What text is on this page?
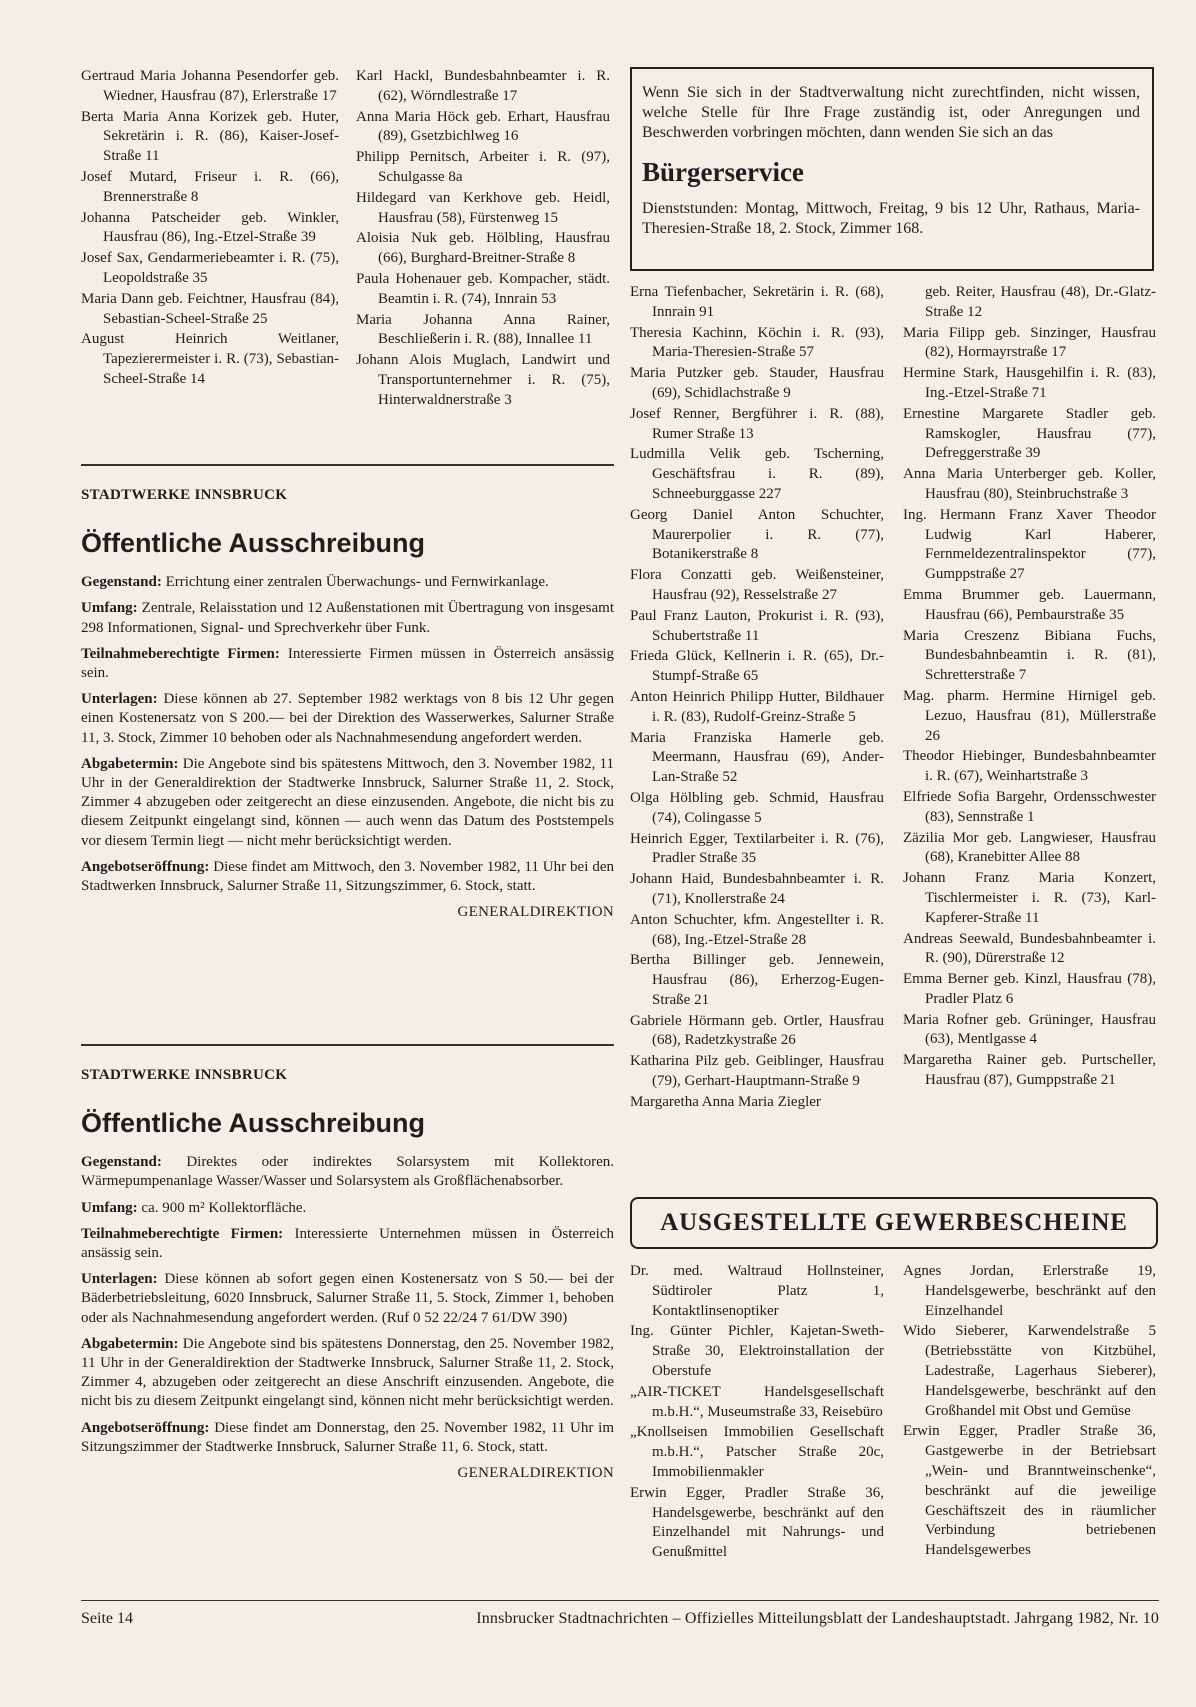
Gertraud Maria Johanna Pesendorfer geb. Wiedner, Hausfrau (87), Erlerstraße 17

Berta Maria Anna Korizek geb. Huter, Sekretärin i. R. (86), Kaiser-Josef-Straße 11

Josef Mutard, Friseur i. R. (66), Brennerstraße 8

Johanna Patscheider geb. Winkler, Hausfrau (86), Ing.-Etzel-Straße 39

Josef Sax, Gendarmeriebeamter i. R. (75), Leopoldstraße 35

Maria Dann geb. Feichtner, Hausfrau (84), Sebastian-Scheel-Straße 25

August Heinrich Weitlaner, Tapezierermeister i. R. (73), Sebastian-Scheel-Straße 14

Karl Hackl, Bundesbahnbeamter i. R. (62), Wörndlestraße 17

Anna Maria Höck geb. Erhart, Hausfrau (89), Gsetzbichlweg 16

Philipp Pernitsch, Arbeiter i. R. (97), Schulgasse 8a

Hildegard van Kerkhove geb. Heidl, Hausfrau (58), Fürstenweg 15

Aloisia Nuk geb. Hölbling, Hausfrau (66), Burghard-Breitner-Straße 8

Paula Hohenauer geb. Kompacher, städt. Beamtin i. R. (74), Innrain 53

Maria Johanna Anna Rainer, Beschließerin i. R. (88), Innallee 11

Johann Alois Muglach, Landwirt und Transportunternehmer i. R. (75), Hinterwaldnerstraße 3

Wenn Sie sich in der Stadtverwaltung nicht zurechtfinden, nicht wissen, welche Stelle für Ihre Frage zuständig ist, oder Anregungen und Beschwerden vorbringen möchten, dann wenden Sie sich an das

Bürgerservice

Dienststunden: Montag, Mittwoch, Freitag, 9 bis 12 Uhr, Rathaus, Maria-Theresien-Straße 18, 2. Stock, Zimmer 168.

Erna Tiefenbacher, Sekretärin i. R. (68), Innrain 91

Theresia Kachinn, Köchin i. R. (93), Maria-Theresien-Straße 57

Maria Putzker geb. Stauder, Hausfrau (69), Schidlachstraße 9

Josef Renner, Bergführer i. R. (88), Rumer Straße 13

Ludmilla Velik geb. Tscherning, Geschäftsfrau i. R. (89), Schneeburggasse 227

Georg Daniel Anton Schuchter, Maurerpolier i. R. (77), Botanikerstraße 8

Flora Conzatti geb. Weißensteiner, Hausfrau (92), Resselstraße 27

Paul Franz Lauton, Prokurist i. R. (93), Schubertstraße 11

Frieda Glück, Kellnerin i. R. (65), Dr.-Stumpf-Straße 65

Anton Heinrich Philipp Hutter, Bildhauer i. R. (83), Rudolf-Greinz-Straße 5

Maria Franziska Hamerle geb. Meermann, Hausfrau (69), Ander-Lan-Straße 52

Olga Hölbling geb. Schmid, Hausfrau (74), Colingasse 5

Heinrich Egger, Textilarbeiter i. R. (76), Pradler Straße 35

Johann Haid, Bundesbahnbeamter i. R. (71), Knollerstraße 24

Anton Schuchter, kfm. Angestellter i. R. (68), Ing.-Etzel-Straße 28

Bertha Billinger geb. Jennewein, Hausfrau (86), Erherzog-Eugen-Straße 21

Gabriele Hörmann geb. Ortler, Hausfrau (68), Radetzkystraße 26

Katharina Pilz geb. Geiblinger, Hausfrau (79), Gerhart-Hauptmann-Straße 9

Margaretha Anna Maria Ziegler

geb. Reiter, Hausfrau (48), Dr.-Glatz-Straße 12

Maria Filipp geb. Sinzinger, Hausfrau (82), Hormayrstraße 17

Hermine Stark, Hausgehilfin i. R. (83), Ing.-Etzel-Straße 71

Ernestine Margarete Stadler geb. Ramskogler, Hausfrau (77), Defreggerstraße 39

Anna Maria Unterberger geb. Koller, Hausfrau (80), Steinbruchstraße 3

Ing. Hermann Franz Xaver Theodor Ludwig Karl Haberer, Fernmeldezentralinspektor (77), Gumppstraße 27

Emma Brummer geb. Lauermann, Hausfrau (66), Pembaurstraße 35

Maria Creszenz Bibiana Fuchs, Bundesbahnbeamtin i. R. (81), Schretterstraße 7

Mag. pharm. Hermine Hirnigel geb. Lezuo, Hausfrau (81), Müllerstraße 26

Theodor Hiebinger, Bundesbahnbeamter i. R. (67), Weinhartstraße 3

Elfriede Sofia Bargehr, Ordensschwester (83), Sennstraße 1

Zäzilia Mor geb. Langwieser, Hausfrau (68), Kranebitter Allee 88

Johann Franz Maria Konzert, Tischlermeister i. R. (73), Karl-Kapferer-Straße 11

Andreas Seewald, Bundesbahnbeamter i. R. (90), Dürerstraße 12

Emma Berner geb. Kinzl, Hausfrau (78), Pradler Platz 6

Maria Rofner geb. Grüninger, Hausfrau (63), Mentlgasse 4

Margaretha Rainer geb. Purtscheller, Hausfrau (87), Gumppstraße 21

STADTWERKE INNSBRUCK
Öffentliche Ausschreibung

Gegenstand: Errichtung einer zentralen Überwachungs- und Fernwirkanlage.

Umfang: Zentrale, Relaisstation und 12 Außenstationen mit Übertragung von insgesamt 298 Informationen, Signal- und Sprechverkehr über Funk.

Teilnahmeberechtigte Firmen: Interessierte Firmen müssen in Österreich ansässig sein.

Unterlagen: Diese können ab 27. September 1982 werktags von 8 bis 12 Uhr gegen einen Kostenersatz von S 200.— bei der Direktion des Wasserwerkes, Salurner Straße 11, 3. Stock, Zimmer 10 behoben oder als Nachnahmesendung angefordert werden.

Abgabetermin: Die Angebote sind bis spätestens Mittwoch, den 3. November 1982, 11 Uhr in der Generaldirektion der Stadtwerke Innsbruck, Salurner Straße 11, 2. Stock, Zimmer 4 abzugeben oder zeitgerecht an diese einzusenden. Angebote, die nicht bis zu diesem Zeitpunkt eingelangt sind, können — auch wenn das Datum des Poststempels vor diesem Termin liegt — nicht mehr berücksichtigt werden.

Angebotseröffnung: Diese findet am Mittwoch, den 3. November 1982, 11 Uhr bei den Stadtwerken Innsbruck, Salurner Straße 11, Sitzungszimmer, 6. Stock, statt.

GENERALDIREKTION
STADTWERKE INNSBRUCK
Öffentliche Ausschreibung

Gegenstand: Direktes oder indirektes Solarsystem mit Kollektoren. Wärmepumpenanlage Wasser/Wasser und Solarsystem als Großflächenabsorber.

Umfang: ca. 900 m² Kollektorfläche.

Teilnahmeberechtigte Firmen: Interessierte Unternehmen müssen in Österreich ansässig sein.

Unterlagen: Diese können ab sofort gegen einen Kostenersatz von S 50.— bei der Bäderbetriebsleitung, 6020 Innsbruck, Salurner Straße 11, 5. Stock, Zimmer 1, behoben oder als Nachnahmesendung angefordert werden. (Ruf 0 52 22/24 7 61/DW 390)

Abgabetermin: Die Angebote sind bis spätestens Donnerstag, den 25. November 1982, 11 Uhr in der Generaldirektion der Stadtwerke Innsbruck, Salurner Straße 11, 2. Stock, Zimmer 4, abzugeben oder zeitgerecht an diese Anschrift einzusenden. Angebote, die nicht bis zu diesem Zeitpunkt eingelangt sind, können nicht mehr berücksichtigt werden.

Angebotseröffnung: Diese findet am Donnerstag, den 25. November 1982, 11 Uhr im Sitzungszimmer der Stadtwerke Innsbruck, Salurner Straße 11, 6. Stock, statt.

GENERALDIREKTION
AUSGESTELLTE GEWERBESCHEINE

Dr. med. Waltraud Hollnsteiner, Südtiroler Platz 1, Kontaktlinsenoptiker

Ing. Günter Pichler, Kajetan-Sweth-Straße 30, Elektroinstallation der Oberstufe

„AIR-TICKET Handelsgesellschaft m.b.H.“, Museumstraße 33, Reisebüro

„Knollseisen Immobilien Gesellschaft m.b.H.“, Patscher Straße 20c, Immobilienmakler

Erwin Egger, Pradler Straße 36, Handelsgewerbe, beschränkt auf den Einzelhandel mit Nahrungs- und Genußmittel

Agnes Jordan, Erlerstraße 19, Handelsgewerbe, beschränkt auf den Einzelhandel

Wido Sieberer, Karwendelstraße 5 (Betriebsstätte von Kitzbühel, Ladestraße, Lagerhaus Sieberer), Handelsgewerbe, beschränkt auf den Großhandel mit Obst und Gemüse

Erwin Egger, Pradler Straße 36, Gastgewerbe in der Betriebsart „Wein- und Branntweinschenke“, beschränkt auf die jeweilige Geschäftszeit des in räumlicher Verbindung betriebenen Handelsgewerbes

Seite 14	Innsbrucker Stadtnachrichten – Offizielles Mitteilungsblatt der Landeshauptstadt. Jahrgang 1982, Nr. 10
